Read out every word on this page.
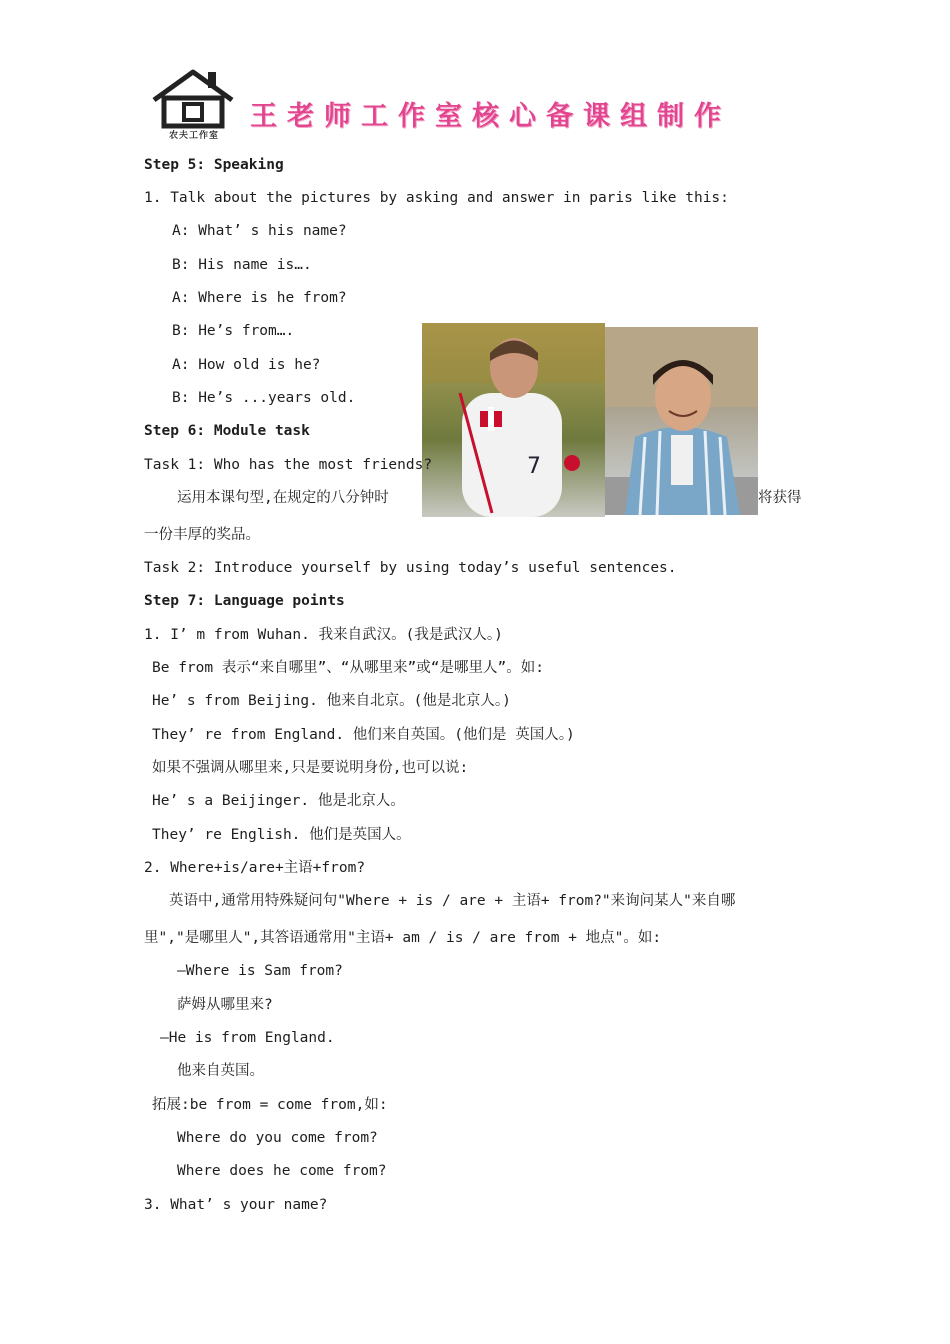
农夫工作室
王老师工作室核心备课组制作
Step 5: Speaking
1. Talk about the pictures by asking and answer in paris like this:
A: What’ s his name?
B: His name is….
A: Where is he from?
B: He’s from….
A: How old is he?
B: He’s ...years old.
7
Step 6: Module task
Task 1: Who has the most friends?
运用本课句型,在规定的八分钟时	将获得
一份丰厚的奖品。
Task 2: Introduce yourself by using today’s useful sentences.
Step 7: Language points
1. I’ m from Wuhan. 我来自武汉。(我是武汉人。)
Be from 表示“来自哪里”、“从哪里来”或“是哪里人”。如:
He’ s from Beijing. 他来自北京。(他是北京人。)
They’ re from England. 他们来自英国。(他们是 英国人。)
如果不强调从哪里来,只是要说明身份,也可以说:
He’ s a Beijinger. 他是北京人。
They’ re English. 他们是英国人。
2. Where+is/are+主语+from?
英语中,通常用特殊疑问句"Where + is / are + 主语+ from?"来询问某人"来自哪
里","是哪里人",其答语通常用"主语+ am / is / are from + 地点"。如:
—Where is Sam from?
萨姆从哪里来?
—He is from England.
他来自英国。
拓展:be from = come from,如:
Where do you come from?
Where does he come from?
3. What’ s your name?
